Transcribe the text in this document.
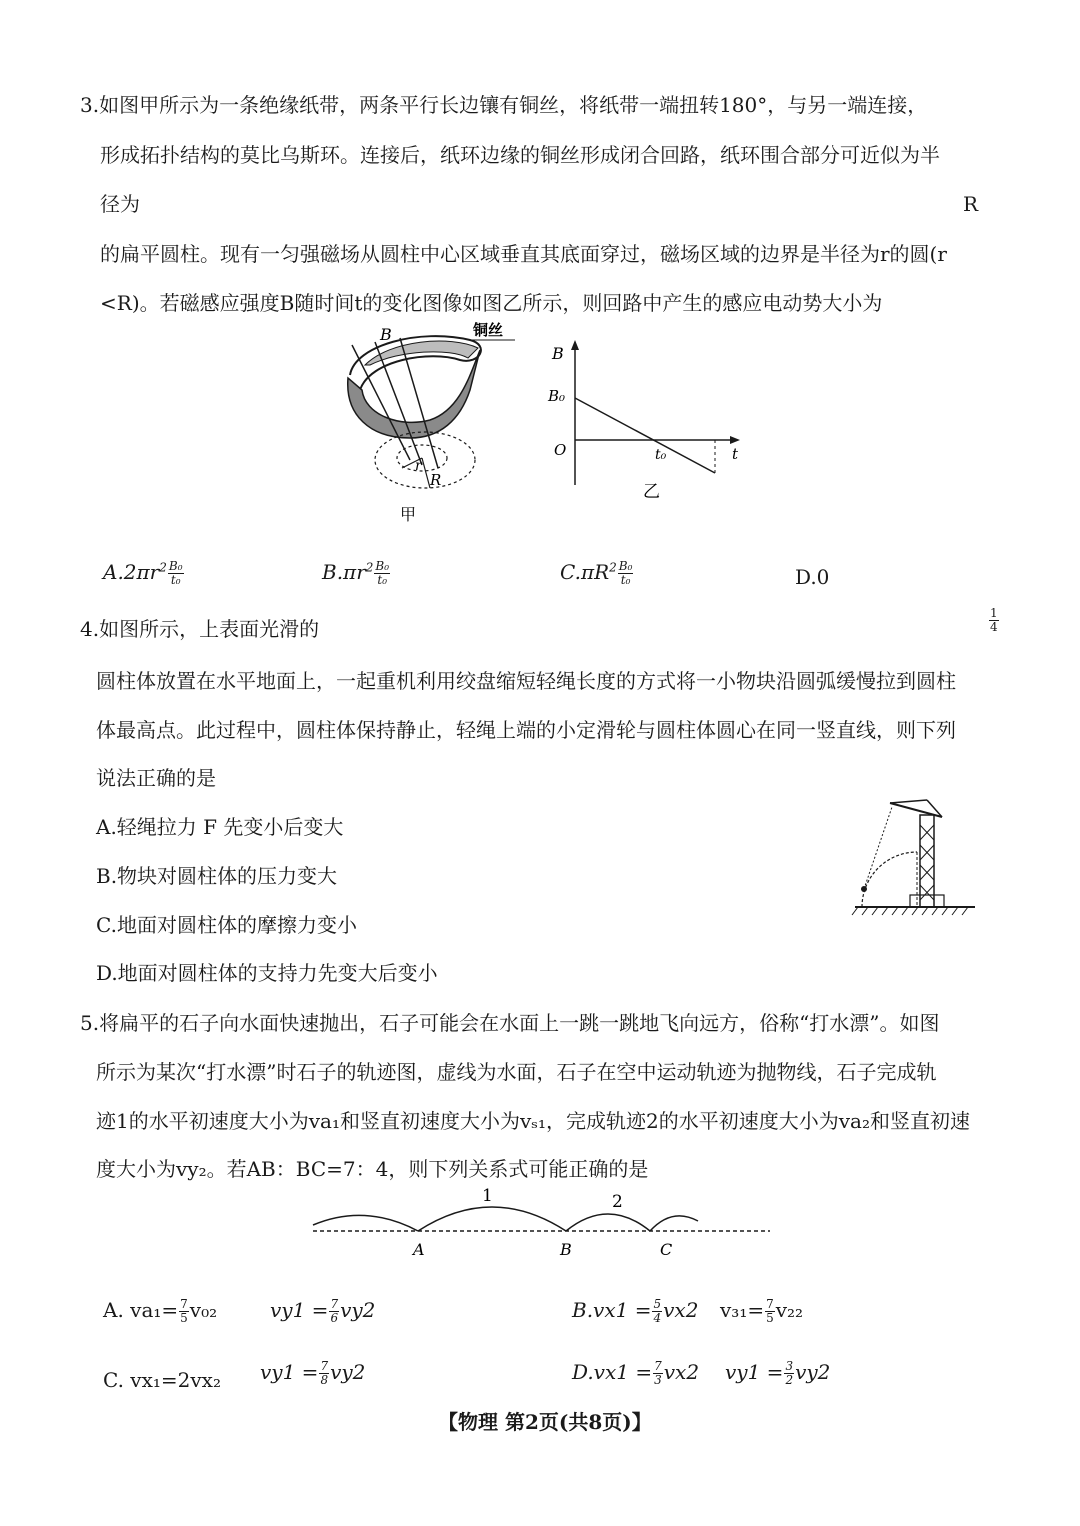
3.如图甲所示为一条绝缘纸带，两条平行长边镶有铜丝，将纸带一端扭转180°，与另一端连接，

形成拓扑结构的莫比乌斯环。连接后，纸环边缘的铜丝形成闭合回路，纸环围合部分可近似为半

径为	R

的扁平圆柱。现有一匀强磁场从圆柱中心区域垂直其底面穿过，磁场区域的边界是半径为r的圆(r

<R)。若磁感应强度B随时间t的变化图像如图乙所示，则回路中产生的感应电动势大小为

B	铜丝
r
R
甲
B
B₀
O	t₀	t
乙
$A.2\pi r^2 \frac{\text{B₀}}{\text{t₀}}$	$B.\pi r^2 \frac{\text{B₀}}{\text{t₀}}$	$C.\pi R^2 \frac{\text{B₀}}{\text{t₀}}$	D.0

4.如图所示，上表面光滑的	$\frac{1}{4}$

圆柱体放置在水平地面上，一起重机利用绞盘缩短轻绳长度的方式将一小物块沿圆弧缓慢拉到圆柱

体最高点。此过程中，圆柱体保持静止，轻绳上端的小定滑轮与圆柱体圆心在同一竖直线，则下列

说法正确的是

A.轻绳拉力 F 先变小后变大

B.物块对圆柱体的压力变大

C.地面对圆柱体的摩擦力变小

D.地面对圆柱体的支持力先变大后变小

5.将扁平的石子向水面快速抛出，石子可能会在水面上一跳一跳地飞向远方，俗称“打水漂”。如图

所示为某次“打水漂”时石子的轨迹图，虚线为水面，石子在空中运动轨迹为抛物线，石子完成轨

迹1的水平初速度大小为va₁和竖直初速度大小为vₛ₁，完成轨迹2的水平初速度大小为va₂和竖直初速

度大小为vy₂。若AB：BC=7：4，则下列关系式可能正确的是

1	2
A	B	C
A. $va_1= \frac{7}{5} v_{02}$	$vy1 = \frac{7}{6} vy2$	$B.vx1 = \frac{5}{4} vx2$ $v_{31}= \frac{7}{5} v_{22}$

C. vx₁=2vx₂ $vy1 = \frac{7}{8} vy2$	$D.vx1 = \frac{7}{3} vx2$ $vy1 = \frac{3}{2} vy2$

【物理 第2页(共8页)】
